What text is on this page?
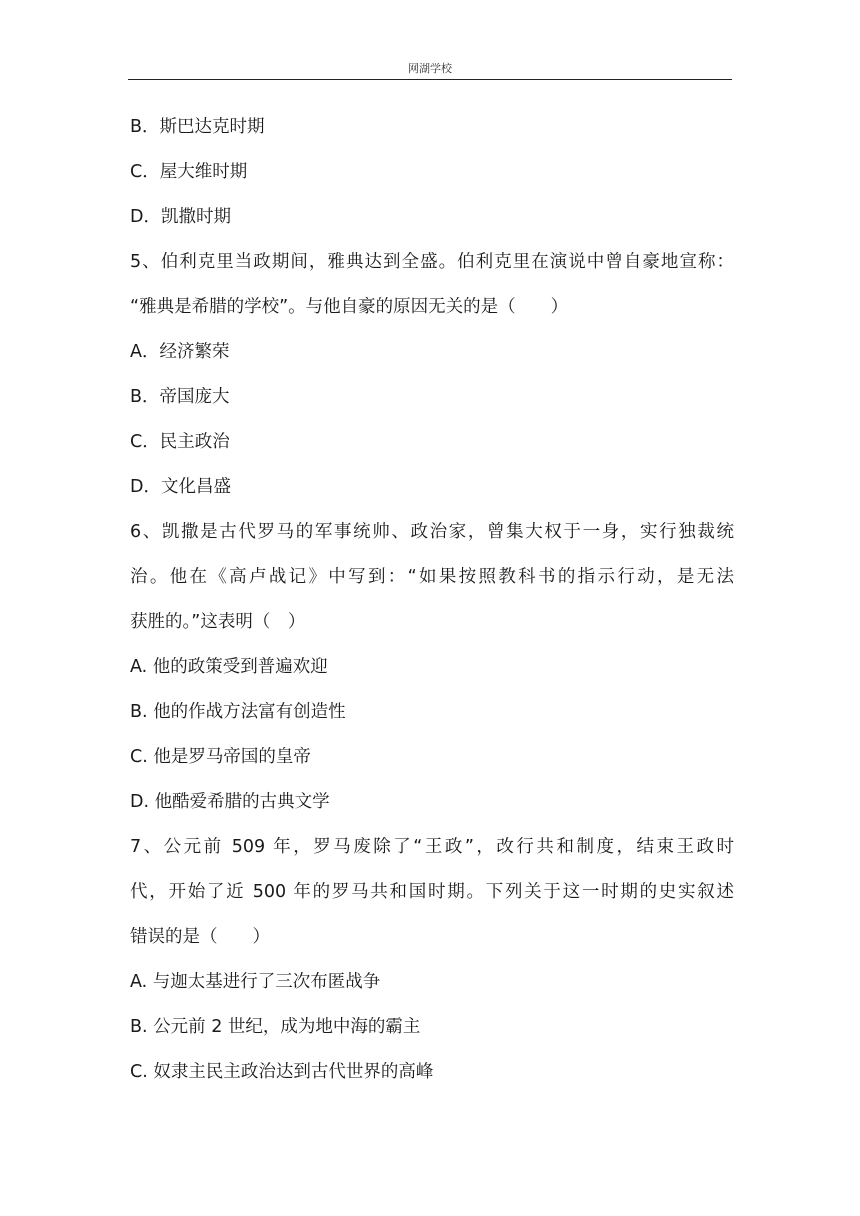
网湖学校
B．斯巴达克时期
C．屋大维时期
D．凯撒时期
5、伯利克里当政期间，雅典达到全盛。伯利克里在演说中曾自豪地宣称：
“雅典是希腊的学校”。与他自豪的原因无关的是（　　）
A．经济繁荣
B．帝国庞大
C．民主政治
D．文化昌盛
6、凯撒是古代罗马的军事统帅、政治家，曾集大权于一身，实行独裁统
治。他在《高卢战记》中写到：“如果按照教科书的指示行动，是无法
获胜的。”这表明（　）
A. 他的政策受到普遍欢迎
B. 他的作战方法富有创造性
C. 他是罗马帝国的皇帝
D. 他酷爱希腊的古典文学
7、公元前 509 年，罗马废除了“王政”，改行共和制度，结束王政时
代，开始了近 500 年的罗马共和国时期。下列关于这一时期的史实叙述
错误的是（　　）
A. 与迦太基进行了三次布匿战争
B. 公元前 2 世纪，成为地中海的霸主
C. 奴隶主民主政治达到古代世界的高峰
